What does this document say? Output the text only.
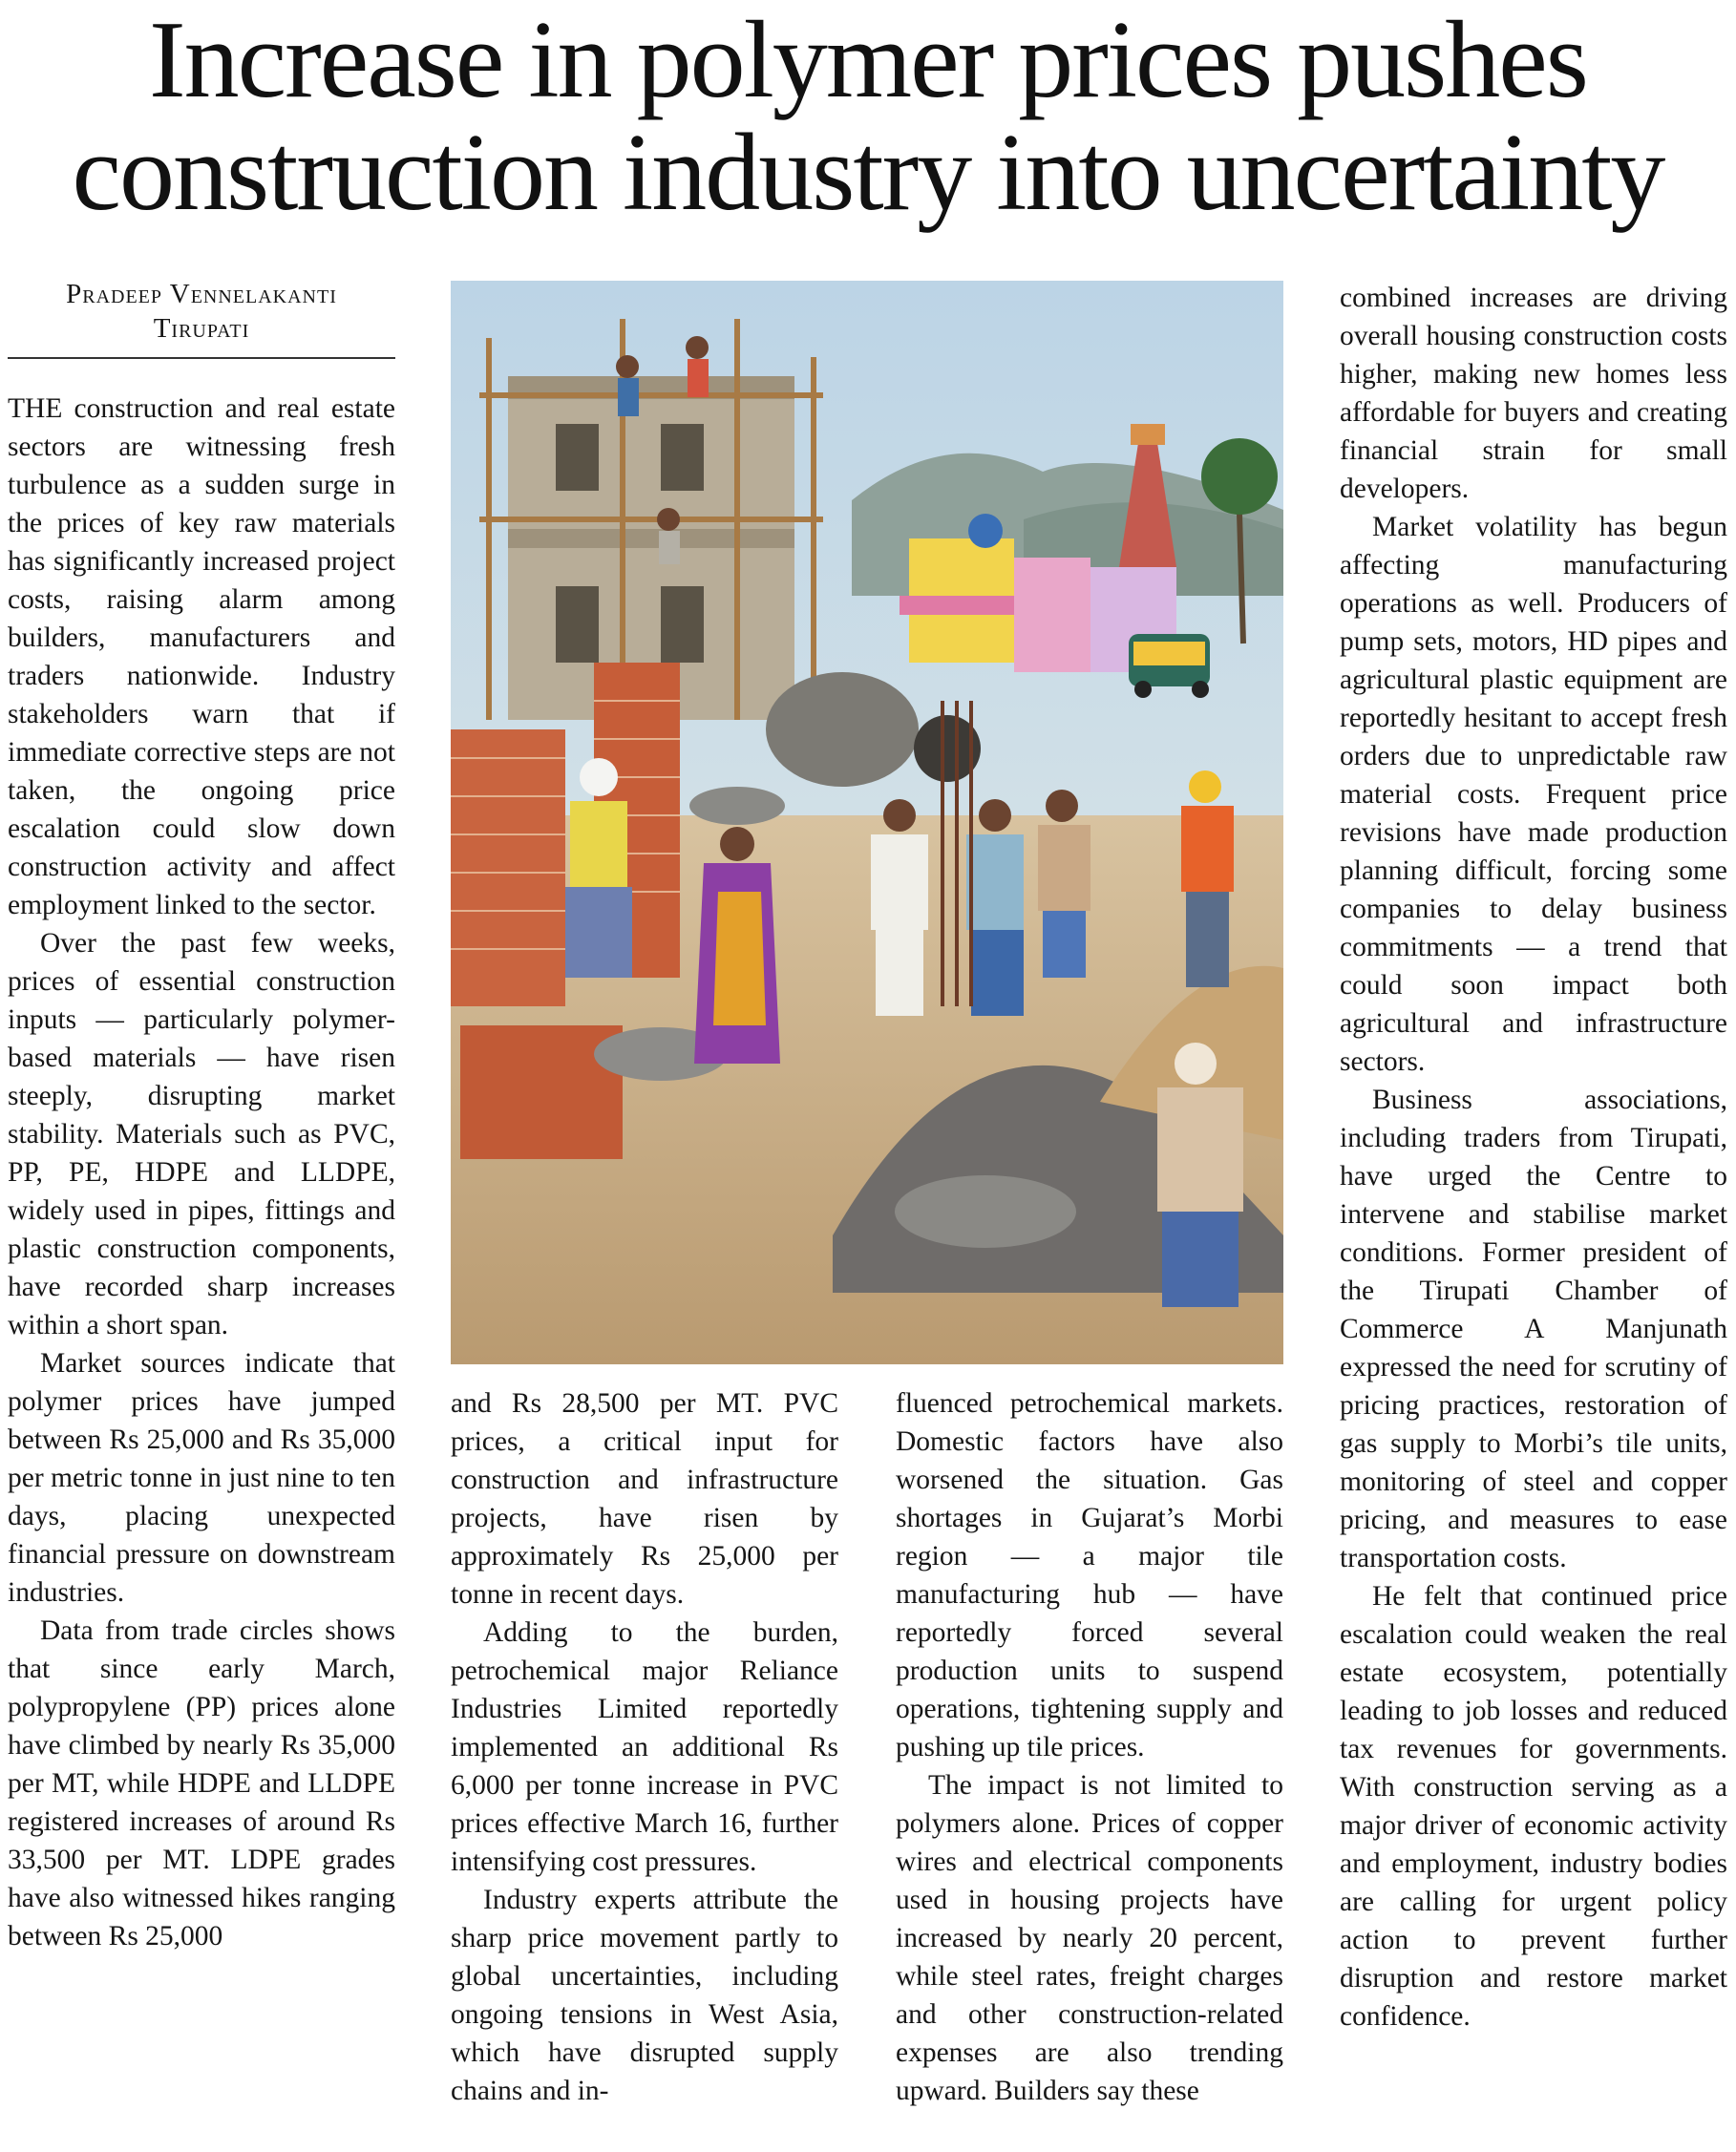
Increase in polymer prices pushes
construction industry into uncertainty
Pradeep Vennelakanti
Tirupati

THE construction and real estate sectors are witnessing fresh turbulence as a sudden surge in the prices of key raw materials has significantly increased project costs, raising alarm among builders, manufacturers and traders nationwide. Industry stakeholders warn that if immediate corrective steps are not taken, the ongoing price escalation could slow down construction activity and affect employment linked to the sector.

Over the past few weeks, prices of essential construction inputs — particularly polymer-based materials — have risen steeply, disrupting market stability. Materials such as PVC, PP, PE, HDPE and LLDPE, widely used in pipes, fittings and plastic construction components, have recorded sharp increases within a short span.

Market sources indicate that polymer prices have jumped between Rs 25,000 and Rs 35,000 per metric tonne in just nine to ten days, placing unexpected financial pressure on downstream industries.

Data from trade circles shows that since early March, polypropylene (PP) prices alone have climbed by nearly Rs 35,000 per MT, while HDPE and LLDPE registered increases of around Rs 33,500 per MT. LDPE grades have also witnessed hikes ranging between Rs 25,000

and Rs 28,500 per MT. PVC prices, a critical input for construction and infrastructure projects, have risen by approximately Rs 25,000 per tonne in recent days.

Adding to the burden, petrochemical major Reliance Industries Limited reportedly implemented an additional Rs 6,000 per tonne increase in PVC prices effective March 16, further intensifying cost pressures.

Industry experts attribute the sharp price movement partly to global uncertainties, including ongoing tensions in West Asia, which have disrupted supply chains and in-

fluenced petrochemical markets. Domestic factors have also worsened the situation. Gas shortages in Gujarat’s Morbi region — a major tile manufacturing hub — have reportedly forced several production units to suspend operations, tightening supply and pushing up tile prices.

The impact is not limited to polymers alone. Prices of copper wires and electrical components used in housing projects have increased by nearly 20 percent, while steel rates, freight charges and other construction-related expenses are also trending upward. Builders say these

combined increases are driving overall housing construction costs higher, making new homes less affordable for buyers and creating financial strain for small developers.

Market volatility has begun affecting manufacturing operations as well. Producers of pump sets, motors, HD pipes and agricultural plastic equipment are reportedly hesitant to accept fresh orders due to unpredictable raw material costs. Frequent price revisions have made production planning difficult, forcing some companies to delay business commitments — a trend that could soon impact both agricultural and infrastructure sectors.

Business associations, including traders from Tirupati, have urged the Centre to intervene and stabilise market conditions. Former president of the Tirupati Chamber of Commerce A Manjunath expressed the need for scrutiny of pricing practices, restoration of gas supply to Morbi’s tile units, monitoring of steel and copper pricing, and measures to ease transportation costs.

He felt that continued price escalation could weaken the real estate ecosystem, potentially leading to job losses and reduced tax revenues for governments. With construction serving as a major driver of economic activity and employment, industry bodies are calling for urgent policy action to prevent further disruption and restore market confidence.
